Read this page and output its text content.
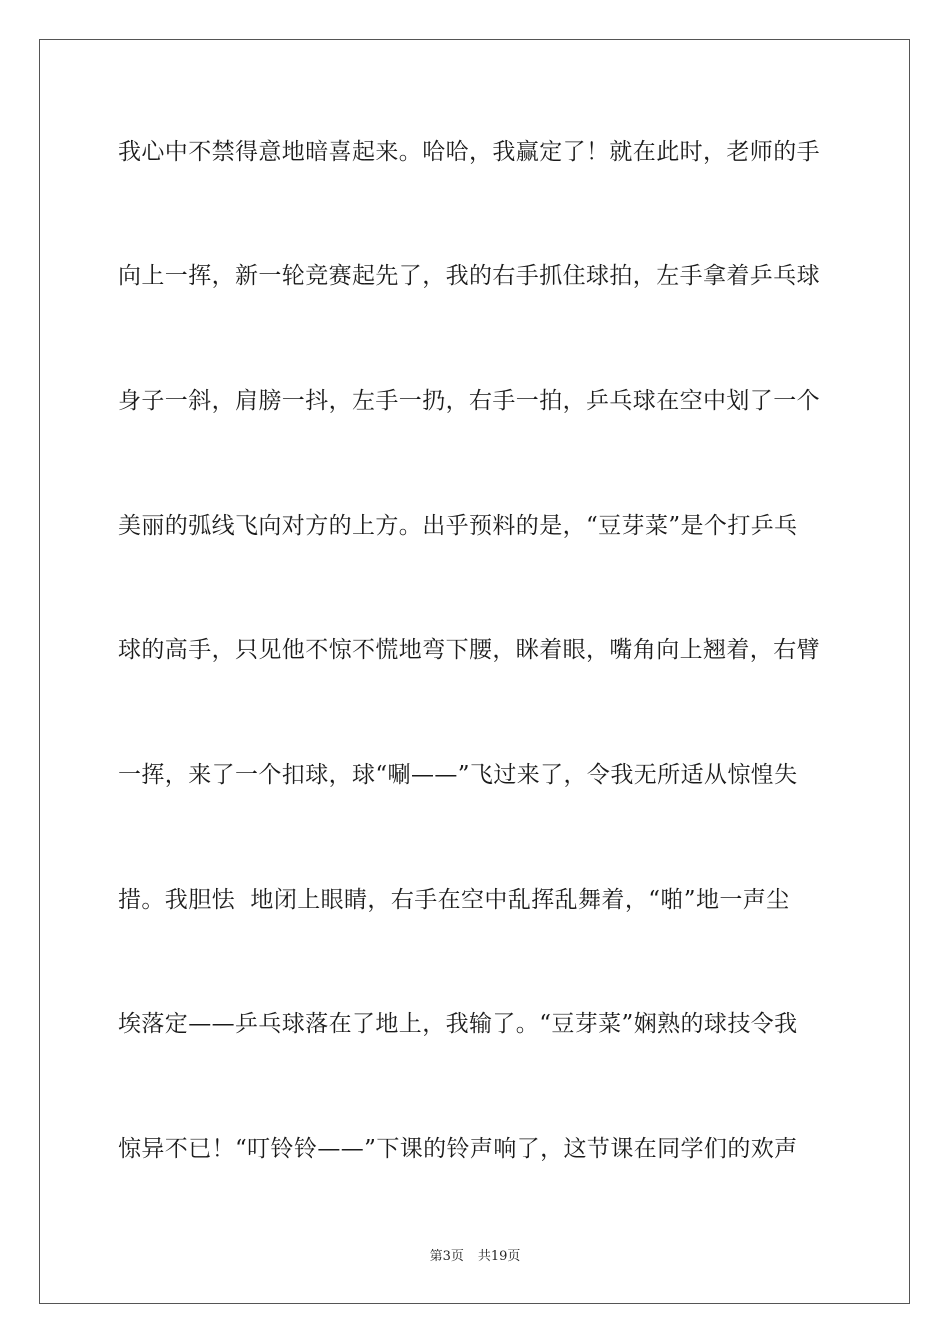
我心中不禁得意地暗喜起来。哈哈，我赢定了！就在此时，老师的手
向上一挥，新一轮竞赛起先了，我的右手抓住球拍，左手拿着乒乓球
身子一斜，肩膀一抖，左手一扔，右手一拍，乒乓球在空中划了一个
美丽的弧线飞向对方的上方。出乎预料的是，“豆芽菜”是个打乒乓
球的高手，只见他不惊不慌地弯下腰，眯着眼，嘴角向上翘着，右臂
一挥，来了一个扣球，球“唰——”飞过来了，令我无所适从惊惶失
措。我胆怯  地闭上眼睛，右手在空中乱挥乱舞着，“啪”地一声尘
埃落定——乒乓球落在了地上，我输了。“豆芽菜”娴熟的球技令我
惊异不已！“叮铃铃——”下课的铃声响了，这节课在同学们的欢声
第3页 共19页
